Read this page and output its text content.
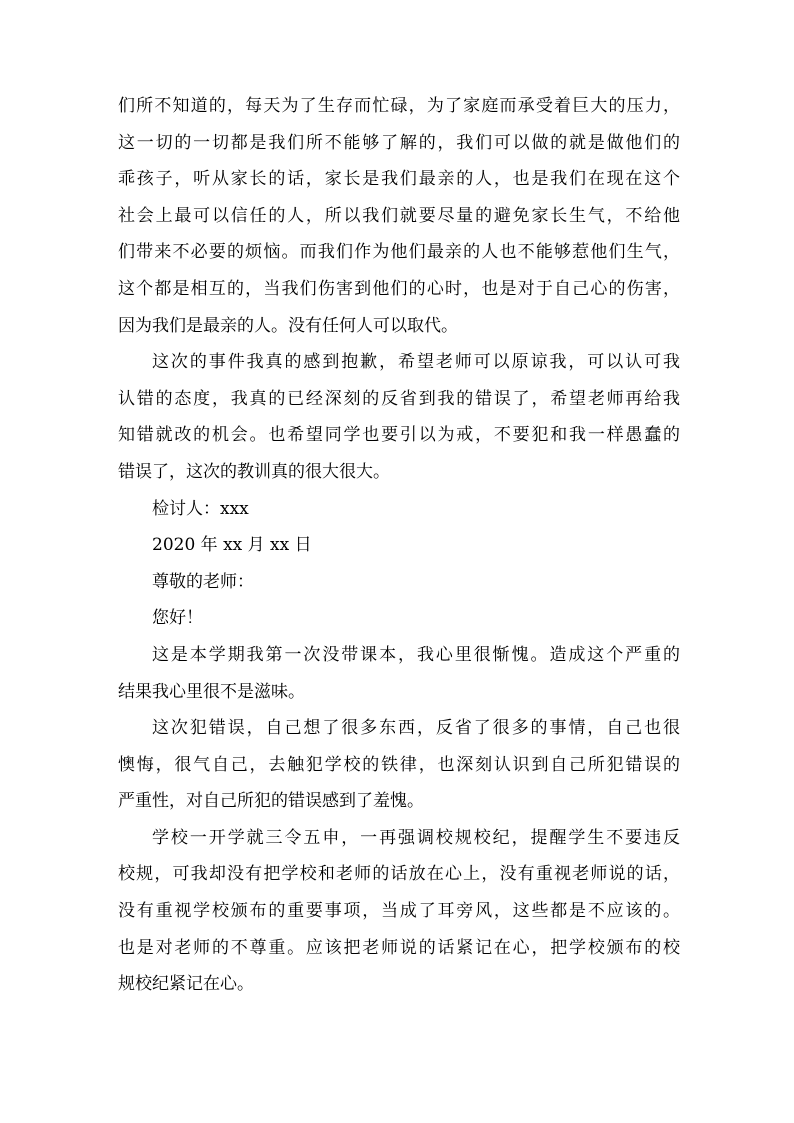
们所不知道的，每天为了生存而忙碌，为了家庭而承受着巨大的压力，
这一切的一切都是我们所不能够了解的，我们可以做的就是做他们的
乖孩子，听从家长的话，家长是我们最亲的人，也是我们在现在这个
社会上最可以信任的人，所以我们就要尽量的避免家长生气，不给他
们带来不必要的烦恼。而我们作为他们最亲的人也不能够惹他们生气，
这个都是相互的，当我们伤害到他们的心时，也是对于自己心的伤害，
因为我们是最亲的人。没有任何人可以取代。
这次的事件我真的感到抱歉，希望老师可以原谅我，可以认可我
认错的态度，我真的已经深刻的反省到我的错误了，希望老师再给我
知错就改的机会。也希望同学也要引以为戒，不要犯和我一样愚蠢的
错误了，这次的教训真的很大很大。
检讨人：xxx
2020 年 xx 月 xx 日
尊敬的老师：
您好！
这是本学期我第一次没带课本，我心里很惭愧。造成这个严重的
结果我心里很不是滋味。
这次犯错误，自己想了很多东西，反省了很多的事情，自己也很
懊悔，很气自己，去触犯学校的铁律，也深刻认识到自己所犯错误的
严重性，对自己所犯的错误感到了羞愧。
学校一开学就三令五申，一再强调校规校纪，提醒学生不要违反
校规，可我却没有把学校和老师的话放在心上，没有重视老师说的话，
没有重视学校颁布的重要事项，当成了耳旁风，这些都是不应该的。
也是对老师的不尊重。应该把老师说的话紧记在心，把学校颁布的校
规校纪紧记在心。
